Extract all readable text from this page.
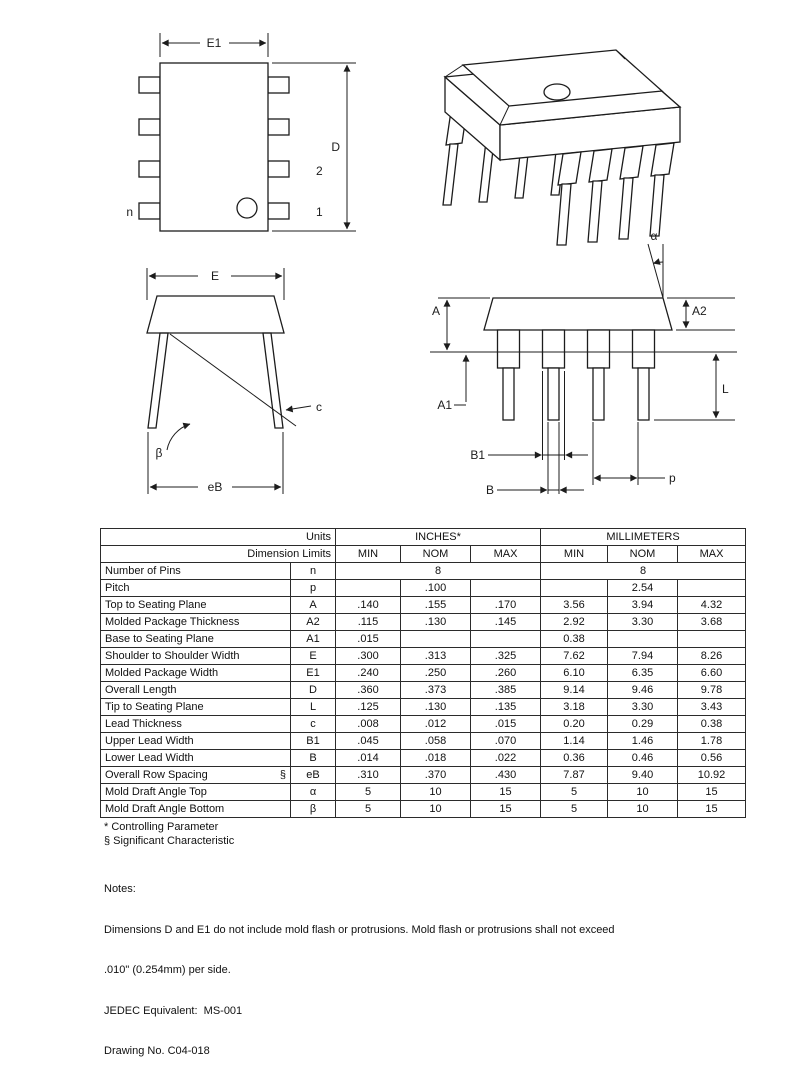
E1
D
2
1
n
E
c
β
eB
α
A
A1
A2
L
B1
B
p
Units		INCHES*			MILLIMETERS		
Dimension Limits		MIN	NOM	MAX	MIN	NOM	MAX
Number of Pins	n	8			8		
Pitch	p		.100			2.54	
Top to Seating Plane	A	.140	.155	.170	3.56	3.94	4.32
Molded Package Thickness	A2	.115	.130	.145	2.92	3.30	3.68
Base to Seating Plane	A1	.015			0.38		
Shoulder to Shoulder Width	E	.300	.313	.325	7.62	7.94	8.26
Molded Package Width	E1	.240	.250	.260	6.10	6.35	6.60
Overall Length	D	.360	.373	.385	9.14	9.46	9.78
Tip to Seating Plane	L	.125	.130	.135	3.18	3.30	3.43
Lead Thickness	c	.008	.012	.015	0.20	0.29	0.38
Upper Lead Width	B1	.045	.058	.070	1.14	1.46	1.78
Lower Lead Width	B	.014	.018	.022	0.36	0.46	0.56
Overall Row Spacing §	eB	.310	.370	.430	7.87	9.40	10.92
Mold Draft Angle Top	α	5	10	15	5	10	15
Mold Draft Angle Bottom	β	5	10	15	5	10	15
* Controlling Parameter
§ Significant Characteristic

Notes:

Dimensions D and E1 do not include mold flash or protrusions. Mold flash or protrusions shall not exceed

.010" (0.254mm) per side.

JEDEC Equivalent:  MS-001

Drawing No. C04-018
